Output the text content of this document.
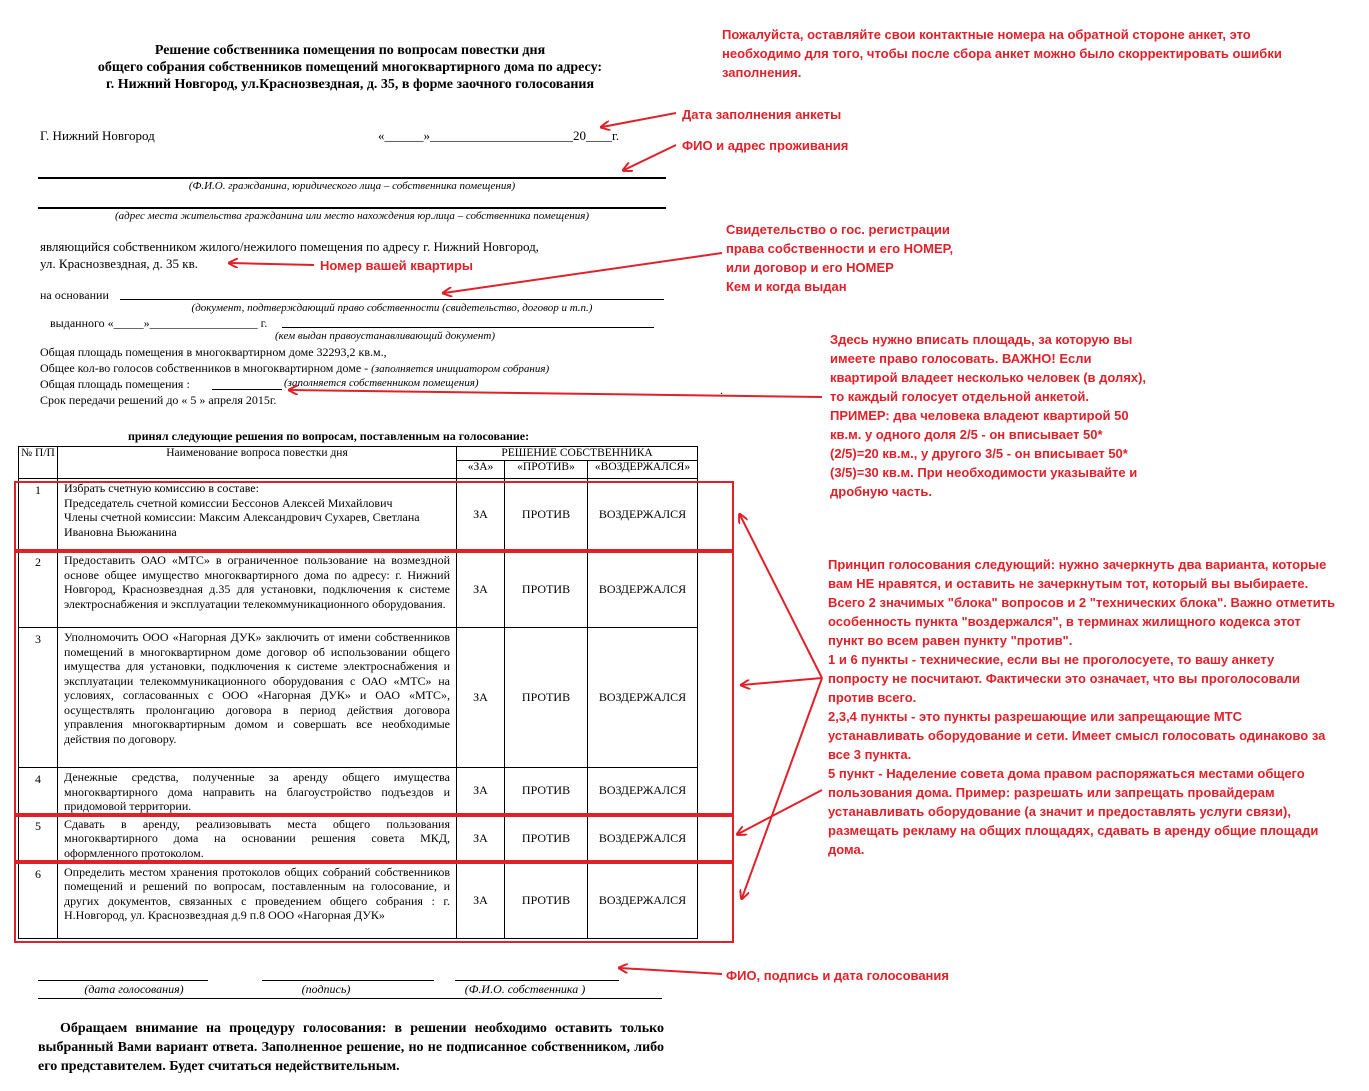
Решение собственника помещения по вопросам повестки дня
общего собрания собственников помещений многоквартирного дома по адресу:
г. Нижний Новгород, ул.Краснозвездная, д. 35, в форме заочного голосования
Г. Нижний Новгород	«______»______________________20____г.
(Ф.И.О. гражданина, юридического лица – собственника помещения)
(адрес места жительства гражданина или место нахождения юр.лица – собственника помещения)
являющийся собственником жилого/нежилого помещения по адресу г. Нижний Новгород,
ул. Краснозвездная, д. 35 кв.
на основании
(документ, подтверждающий право собственности (свидетельство, договор и т.п.)
выданного «_____»__________________ г.
(кем выдан правоустанавливающий документ)
Общая площадь помещения в многоквартирном доме 32293,2 кв.м.,
Общее кол-во голосов собственников в многоквартирном доме - (заполняется инициатором собрания)
Общая площадь помещения :	(заполняется собственником помещения)	.
Срок передачи решений до « 5 » апреля 2015г.
принял следующие решения по вопросам, поставленным на голосование:
№ П/П	Наименование вопроса повестки дня	РЕШЕНИЕ СОБСТВЕННИКА		
		«ЗА»	«ПРОТИВ»	«ВОЗДЕРЖАЛСЯ»
1	Избрать счетную комиссию в составе:
Председатель счетной комиссии Бессонов Алексей Михайлович
Члены счетной комиссии: Максим Александрович Сухарев, Светлана Ивановна Вьюжанина	ЗА	ПРОТИВ	ВОЗДЕРЖАЛСЯ
2	Предоставить ОАО «МТС» в ограниченное пользование на возмездной основе общее имущество многоквартирного дома по адресу: г. Нижний Новгород, Краснозвездная д.35 для установки, подключения к системе электроснабжения и эксплуатации телекоммуникационного оборудования.	ЗА	ПРОТИВ	ВОЗДЕРЖАЛСЯ
3	Уполномочить ООО «Нагорная ДУК» заключить от имени собственников помещений в многоквартирном доме договор об использовании общего имущества для установки, подключения к системе электроснабжения и эксплуатации телекоммуникационного оборудования с ОАО «МТС» на условиях, согласованных с ООО «Нагорная ДУК» и ОАО «МТС», осуществлять пролонгацию договора в период действия договора управления многоквартирным домом и совершать все необходимые действия по договору.	ЗА	ПРОТИВ	ВОЗДЕРЖАЛСЯ
4	Денежные средства, полученные за аренду общего имущества многоквартирного дома направить на благоустройство подъездов и придомовой территории.	ЗА	ПРОТИВ	ВОЗДЕРЖАЛСЯ
5	Сдавать в аренду, реализовывать места общего пользования многоквартирного дома на основании решения совета МКД, оформленного протоколом.	ЗА	ПРОТИВ	ВОЗДЕРЖАЛСЯ
6	Определить местом хранения протоколов общих собраний собственников помещений и решений по вопросам, поставленным на голосование, и других документов, связанных с проведением общего собрания : г. Н.Новгород, ул. Краснозвездная д.9 п.8 ООО «Нагорная ДУК»	ЗА	ПРОТИВ	ВОЗДЕРЖАЛСЯ
(дата голосования)	(подпись)	(Ф.И.О. собственника )
Обращаем внимание на процедуру голосования: в решении необходимо оставить только выбранный Вами вариант ответа. Заполненное решение, но не подписанное собственником, либо его представителем. Будет считаться недействительным.
Пожалуйста, оставляйте свои контактные номера на обратной стороне анкет, это необходимо для того, чтобы после сбора анкет можно было скорректировать ошибки заполнения.
Дата заполнения анкеты
ФИО и адрес проживания
Номер вашей квартиры
Свидетельство о гос. регистрации
права собственности и его НОМЕР,
или договор и его НОМЕР
Кем и когда выдан
Здесь нужно вписать площадь, за которую вы имеете право голосовать. ВАЖНО! Если квартирой владеет несколько человек (в долях), то каждый голосует отдельной анкетой. ПРИМЕР: два человека владеют квартирой 50 кв.м. у одного доля 2/5 - он вписывает 50*(2/5)=20 кв.м., у другого 3/5 - он вписывает 50*(3/5)=30 кв.м. При необходимости указывайте и дробную часть.
Принцип голосования следующий: нужно зачеркнуть два варианта, которые вам НЕ нравятся, и оставить не зачеркнутым тот, который вы выбираете.
Всего 2 значимых "блока" вопросов и 2 "технических блока". Важно отметить особенность пункта "воздержался", в терминах жилищного кодекса этот пункт во всем равен пункту "против".
1 и 6 пункты - технические, если вы не проголосуете, то вашу анкету попросту не посчитают. Фактически это означает, что вы проголосовали против всего.
2,3,4 пункты - это пункты разрешающие или запрещающие МТС устанавливать оборудование и сети. Имеет смысл голосовать одинаково за все 3 пункта.
5 пункт - Наделение совета дома правом распоряжаться местами общего пользования дома. Пример: разрешать или запрещать провайдерам устанавливать оборудование (а значит и предоставлять услуги связи), размещать рекламу на общих площадях, сдавать в аренду общие площади дома.
ФИО, подпись и дата голосования
